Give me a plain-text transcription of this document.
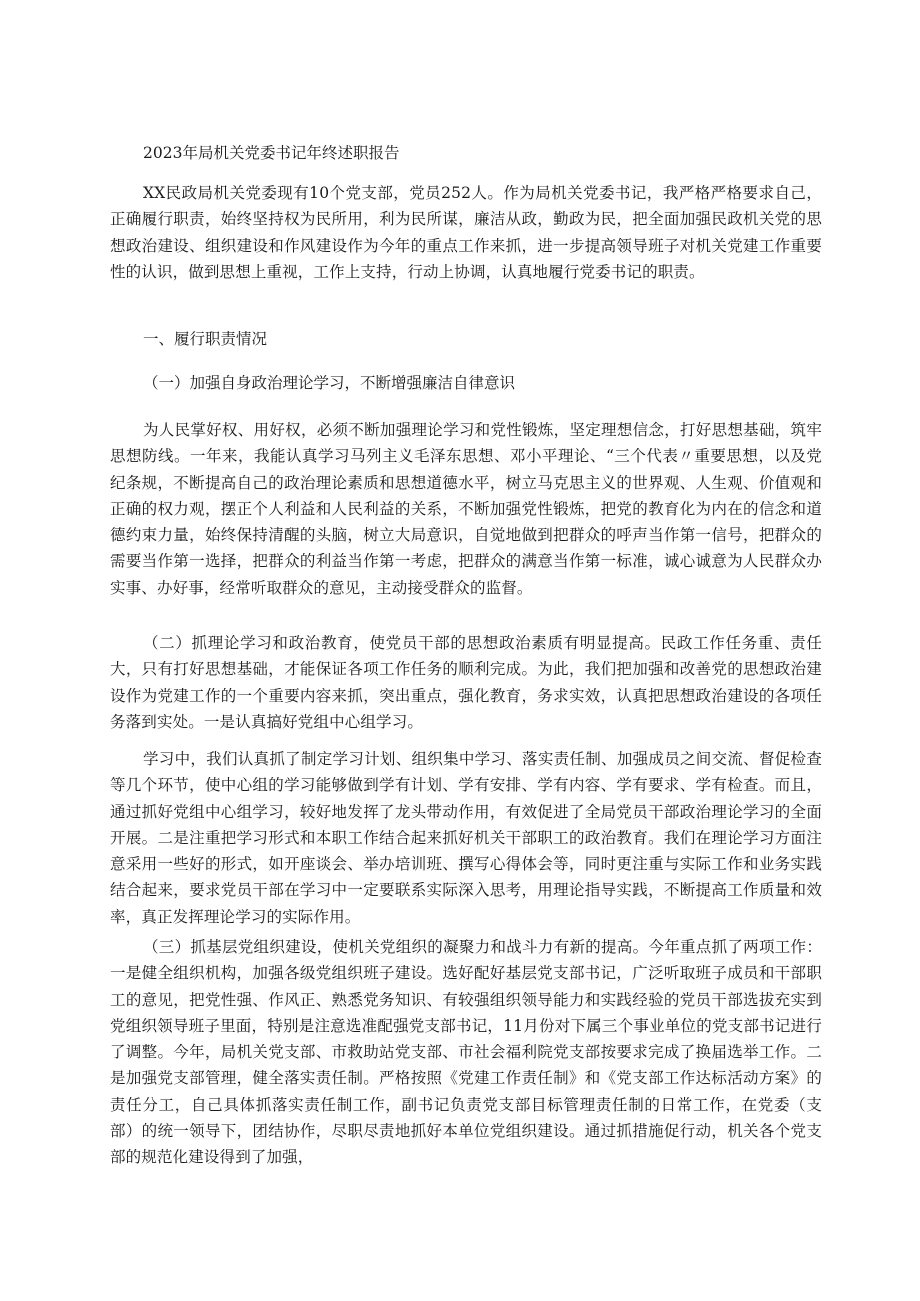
2023年局机关党委书记年终述职报告

XX民政局机关党委现有10个党支部，党员252人。作为局机关党委书记，我严格严格要求自己，正确履行职责，始终坚持权为民所用，利为民所谋，廉洁从政，勤政为民，把全面加强民政机关党的思想政治建设、组织建设和作风建设作为今年的重点工作来抓，进一步提高领导班子对机关党建工作重要性的认识，做到思想上重视，工作上支持，行动上协调，认真地履行党委书记的职责。

一、履行职责情况
（一）加强自身政治理论学习，不断增强廉洁自律意识

为人民掌好权、用好权，必须不断加强理论学习和党性锻炼，坚定理想信念，打好思想基础，筑牢思想防线。一年来，我能认真学习马列主义毛泽东思想、邓小平理论、“三个代表〃重要思想，以及党纪条规，不断提高自己的政治理论素质和思想道德水平，树立马克思主义的世界观、人生观、价值观和正确的权力观，摆正个人利益和人民利益的关系，不断加强党性锻炼，把党的教育化为内在的信念和道德约束力量，始终保持清醒的头脑，树立大局意识，自觉地做到把群众的呼声当作第一信号，把群众的需要当作第一选择，把群众的利益当作第一考虑，把群众的满意当作第一标准，诚心诚意为人民群众办实事、办好事，经常听取群众的意见，主动接受群众的监督。

（二）抓理论学习和政治教育，使党员干部的思想政治素质有明显提高。民政工作任务重、责任大，只有打好思想基础，才能保证各项工作任务的顺利完成。为此，我们把加强和改善党的思想政治建设作为党建工作的一个重要内容来抓，突出重点，强化教育，务求实效，认真把思想政治建设的各项任务落到实处。一是认真搞好党组中心组学习。

学习中，我们认真抓了制定学习计划、组织集中学习、落实责任制、加强成员之间交流、督促检查等几个环节，使中心组的学习能够做到学有计划、学有安排、学有内容、学有要求、学有检查。而且，通过抓好党组中心组学习，较好地发挥了龙头带动作用，有效促进了全局党员干部政治理论学习的全面开展。二是注重把学习形式和本职工作结合起来抓好机关干部职工的政治教育。我们在理论学习方面注意采用一些好的形式，如开座谈会、举办培训班、撰写心得体会等，同时更注重与实际工作和业务实践结合起来，要求党员干部在学习中一定要联系实际深入思考，用理论指导实践，不断提高工作质量和效率，真正发挥理论学习的实际作用。

（三）抓基层党组织建设，使机关党组织的凝聚力和战斗力有新的提高。今年重点抓了两项工作：一是健全组织机构，加强各级党组织班子建设。选好配好基层党支部书记，广泛听取班子成员和干部职工的意见，把党性强、作风正、熟悉党务知识、有较强组织领导能力和实践经验的党员干部选拔充实到党组织领导班子里面，特别是注意选准配强党支部书记，11月份对下属三个事业单位的党支部书记进行了调整。今年，局机关党支部、市救助站党支部、市社会福利院党支部按要求完成了换届选举工作。二是加强党支部管理，健全落实责任制。严格按照《党建工作责任制》和《党支部工作达标活动方案》的责任分工，自己具体抓落实责任制工作，副书记负责党支部目标管理责任制的日常工作，在党委（支部）的统一领导下，团结协作，尽职尽责地抓好本单位党组织建设。通过抓措施促行动，机关各个党支部的规范化建设得到了加强，
